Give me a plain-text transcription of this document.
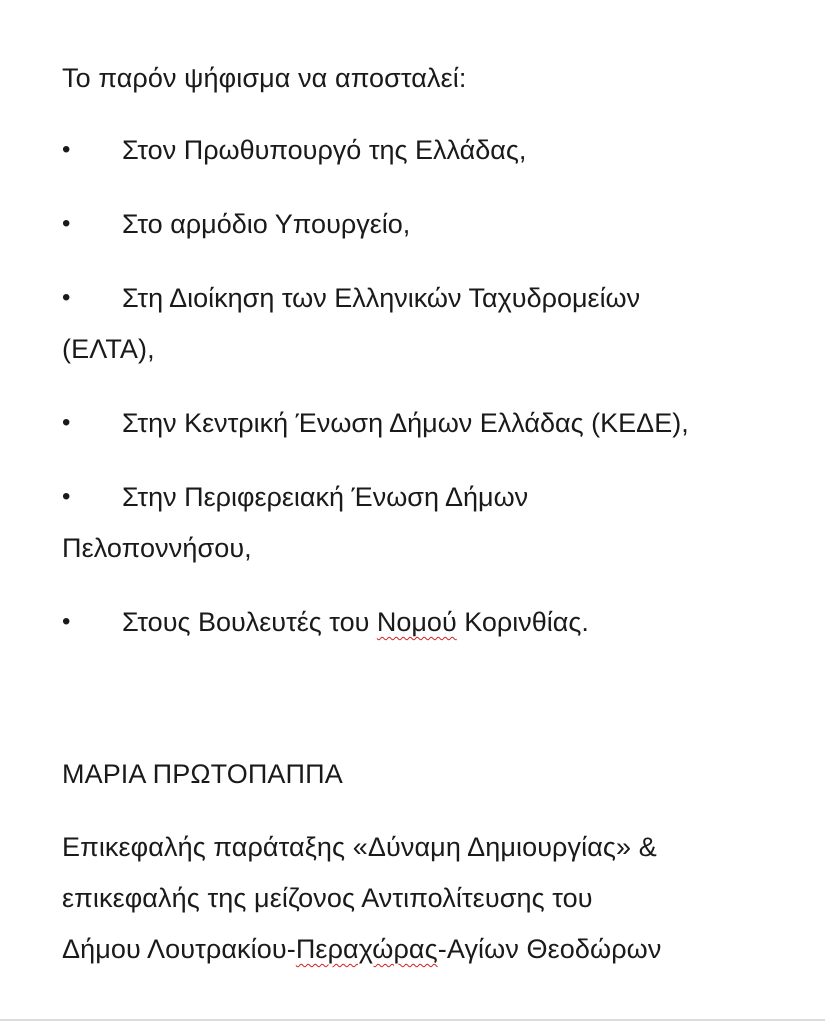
Το παρόν ψήφισμα να αποσταλεί:
• Στον Πρωθυπουργό της Ελλάδας,
• Στο αρμόδιο Υπουργείο,
• Στη Διοίκηση των Ελληνικών Ταχυδρομείων
(ΕΛΤΑ),
• Στην Κεντρική Ένωση Δήμων Ελλάδας (ΚΕΔΕ),
• Στην Περιφερειακή Ένωση Δήμων
Πελοποννήσου,
• Στους Βουλευτές του Νομού Κορινθίας.
ΜΑΡΙΑ ΠΡΩΤΟΠΑΠΠΑ
Επικεφαλής παράταξης «Δύναμη Δημιουργίας» &
επικεφαλής της μείζονος Αντιπολίτευσης του
Δήμου Λουτρακίου-Περαχώρας-Αγίων Θεοδώρων
